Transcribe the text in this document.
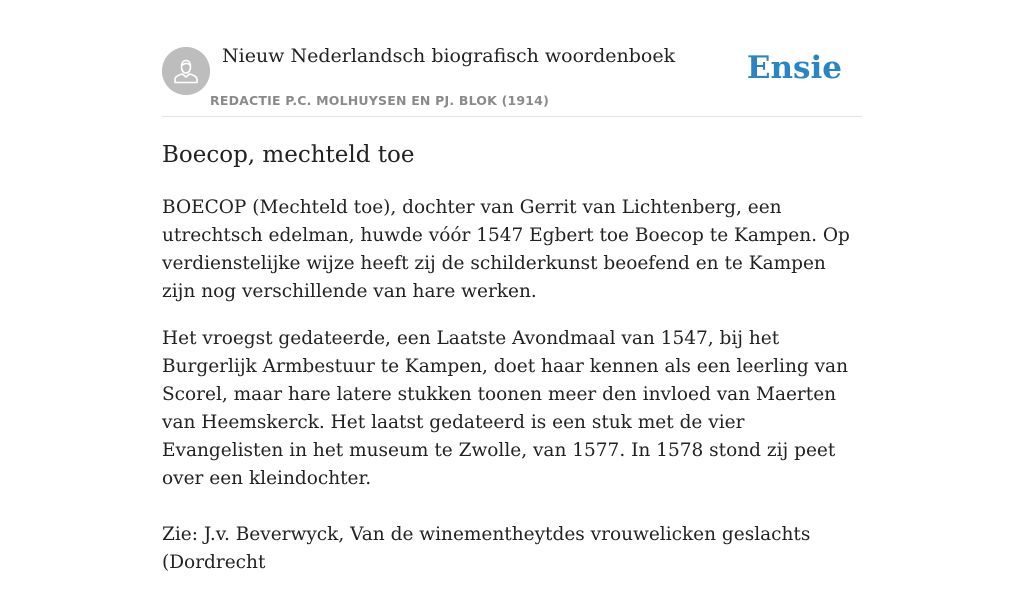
Nieuw Nederlandsch biografisch woordenboek
REDACTIE P.C. MOLHUYSEN EN PJ. BLOK (1914)
Ensie
Boecop, mechteld toe

BOECOP (Mechteld toe), dochter van Gerrit van Lichtenberg, een utrechtsch edelman, huwde vóór 1547 Egbert toe Boecop te Kampen. Op verdienstelijke wijze heeft zij de schilderkunst beoefend en te Kampen zijn nog verschillende van hare werken.

Het vroegst gedateerde, een Laatste Avondmaal van 1547, bij het Burgerlijk Armbestuur te Kampen, doet haar kennen als een leerling van Scorel, maar hare latere stukken toonen meer den invloed van Maerten van Heemskerck. Het laatst gedateerd is een stuk met de vier Evangelisten in het museum te Zwolle, van 1577. In 1578 stond zij peet over een kleindochter.

Zie: J.v. Beverwyck, Van de winementheytdes vrouwelicken geslachts (Dordrecht
